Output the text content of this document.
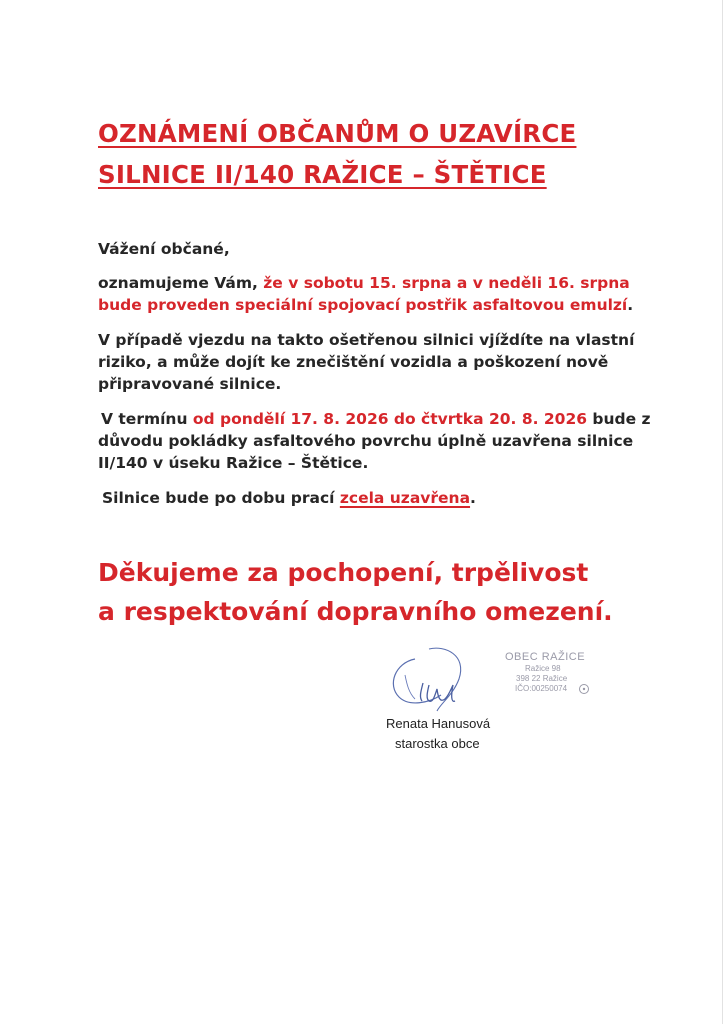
OZNÁMENÍ OBČANŮM O UZAVÍRCE
SILNICE II/140 RAŽICE – ŠTĚTICE

Vážení občané,

oznamujeme Vám, že v sobotu 15. srpna a v neděli 16. srpna
bude proveden speciální spojovací postřik asfaltovou emulzí.

V případě vjezdu na takto ošetřenou silnici vjíždíte na vlastní
riziko, a může dojít ke znečištění vozidla a poškození nově
připravované silnice.

V termínu od pondělí 17. 8. 2026 do čtvrtka 20. 8. 2026 bude z
důvodu pokládky asfaltového povrchu úplně uzavřena silnice
II/140 v úseku Ražice – Štětice.

Silnice bude po dobu prací zcela uzavřena.

Děkujeme za pochopení, trpělivost
a respektování dopravního omezení.

Renata Hanusová
starostka obce
OBEC RAŽICE
Ražice 98
398 22 Ražice
IČO:00250074
